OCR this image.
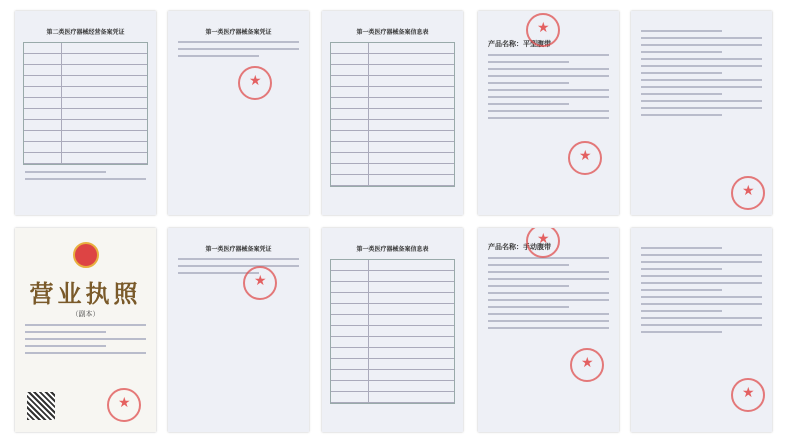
第二类医疗器械经营备案凭证	第一类医疗器械备案凭证
★	第一类医疗器械备案信息表
★
产品名称：平型腹带
★
★
营业执照
（副本）
★
第一类医疗器械备案凭证
★	第一类医疗器械备案信息表 ★	产品名称：手动腹带
★
★
